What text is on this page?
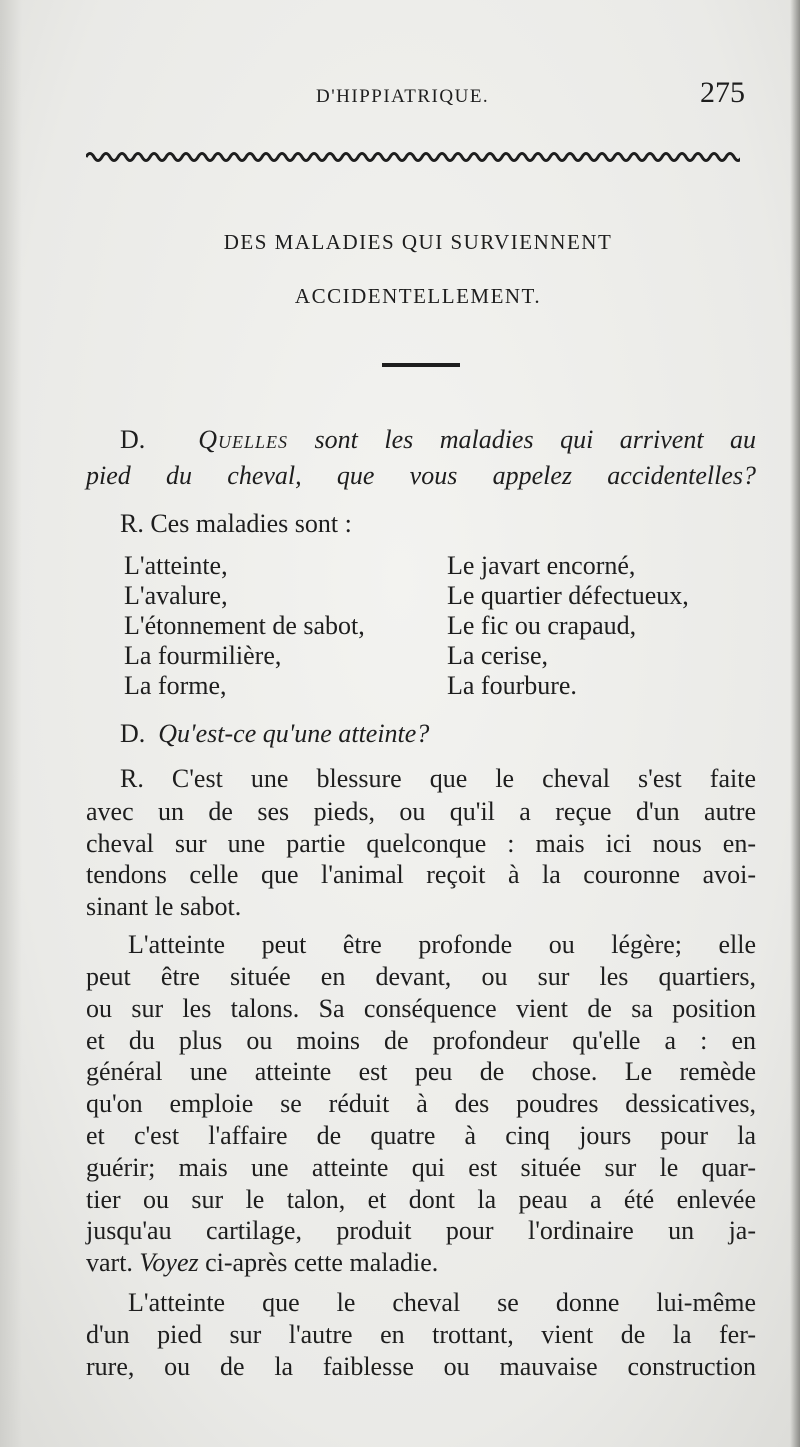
D'HIPPIATRIQUE.	275
DES MALADIES QUI SURVIENNENT
ACCIDENTELLEMENT.
D. Quelles sont les maladies qui arrivent au
pied du cheval, que vous appelez accidentelles?
R. Ces maladies sont :
L'atteinte,
L'avalure,
L'étonnement de sabot,
La fourmilière,
La forme,
Le javart encorné,
Le quartier défectueux,
Le fic ou crapaud,
La cerise,
La fourbure.
D. Qu'est-ce qu'une atteinte?
R. C'est une blessure que le cheval s'est faite
avec un de ses pieds, ou qu'il a reçue d'un autre
cheval sur une partie quelconque : mais ici nous en-
tendons celle que l'animal reçoit à la couronne avoi-
sinant le sabot.
L'atteinte peut être profonde ou légère; elle
peut être située en devant, ou sur les quartiers,
ou sur les talons. Sa conséquence vient de sa position
et du plus ou moins de profondeur qu'elle a : en
général une atteinte est peu de chose. Le remède
qu'on emploie se réduit à des poudres dessicatives,
et c'est l'affaire de quatre à cinq jours pour la
guérir; mais une atteinte qui est située sur le quar-
tier ou sur le talon, et dont la peau a été enlevée
jusqu'au cartilage, produit pour l'ordinaire un ja-
vart. Voyez ci-après cette maladie.
L'atteinte que le cheval se donne lui-même
d'un pied sur l'autre en trottant, vient de la fer-
rure, ou de la faiblesse ou mauvaise construction
